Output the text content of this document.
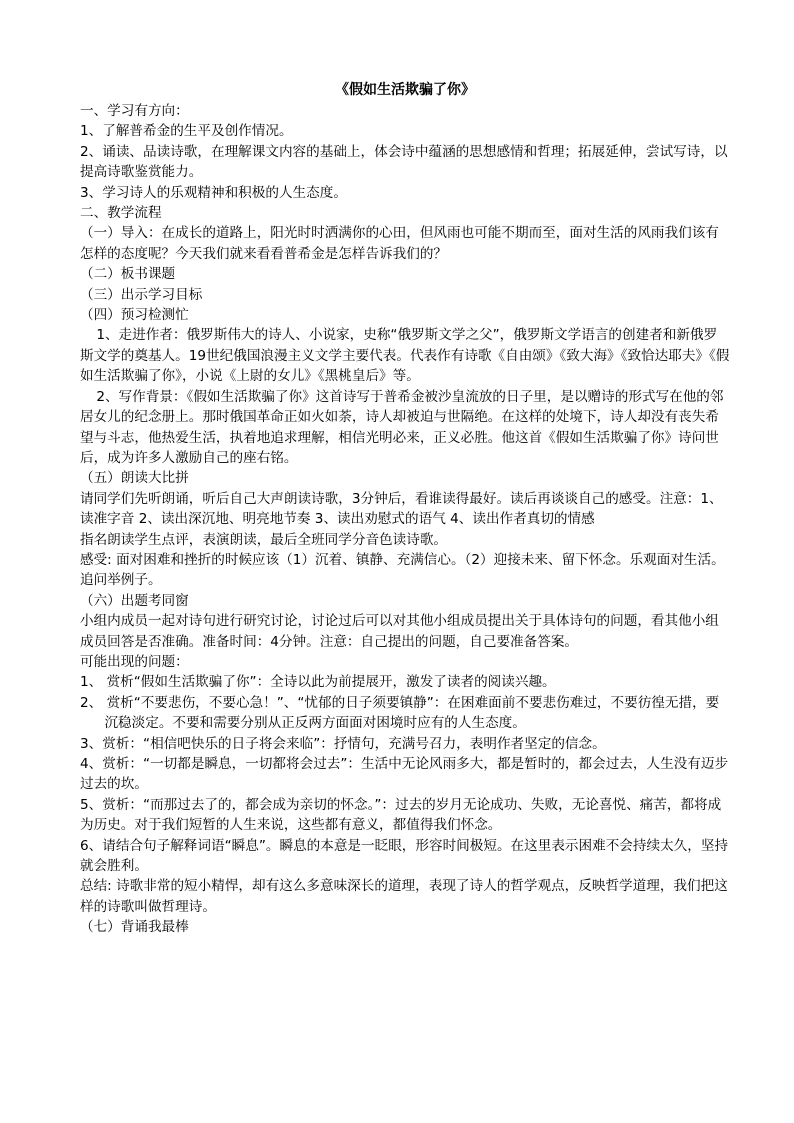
《假如生活欺骗了你》

一、学习有方向：

1、了解普希金的生平及创作情况。

2、诵读、品读诗歌，在理解课文内容的基础上，体会诗中蕴涵的思想感情和哲理；拓展延伸，尝试写诗，以提高诗歌鉴赏能力。

3、学习诗人的乐观精神和积极的人生态度。

二、教学流程

（一）导入：在成长的道路上，阳光时时洒满你的心田，但风雨也可能不期而至，面对生活的风雨我们该有怎样的态度呢？今天我们就来看看普希金是怎样告诉我们的？

（二）板书课题

（三）出示学习目标

（四）预习检测忙

1、走进作者：俄罗斯伟大的诗人、小说家，史称“俄罗斯文学之父”，俄罗斯文学语言的创建者和新俄罗斯文学的奠基人。19世纪俄国浪漫主义文学主要代表。代表作有诗歌《自由颂》《致大海》《致恰达耶夫》《假如生活欺骗了你》，小说《上尉的女儿》《黑桃皇后》等。

2、写作背景：《假如生活欺骗了你》这首诗写于普希金被沙皇流放的日子里，是以赠诗的形式写在他的邻居女儿的纪念册上。那时俄国革命正如火如荼，诗人却被迫与世隔绝。在这样的处境下，诗人却没有丧失希望与斗志，他热爱生活，执着地追求理解，相信光明必来，正义必胜。他这首《假如生活欺骗了你》诗问世后，成为许多人激励自己的座右铭。

（五）朗读大比拼

请同学们先听朗诵，听后自己大声朗读诗歌，3分钟后，看谁读得最好。读后再谈谈自己的感受。注意：1、读准字音 2、读出深沉地、明亮地节奏 3、读出劝慰式的语气 4、读出作者真切的情感

指名朗读学生点评，表演朗读，最后全班同学分音色读诗歌。

感受: 面对困难和挫折的时候应该（1）沉着、镇静、充满信心。（2）迎接未来、留下怀念。乐观面对生活。追问举例子。

（六）出题考同窗

小组内成员一起对诗句进行研究讨论，讨论过后可以对其他小组成员提出关于具体诗句的问题，看其他小组成员回答是否准确。准备时间：4分钟。注意：自己提出的问题，自己要准备答案。

可能出现的问题：

1、 赏析“假如生活欺骗了你”：全诗以此为前提展开，激发了读者的阅读兴趣。

2、 赏析“不要悲伤，不要心急！”、“忧郁的日子须要镇静”：在困难面前不要悲伤难过，不要彷徨无措，要沉稳淡定。不要和需要分别从正反两方面面对困境时应有的人生态度。

3、赏析：“相信吧快乐的日子将会来临”：抒情句，充满号召力，表明作者坚定的信念。

4、赏析：“一切都是瞬息，一切都将会过去”：生活中无论风雨多大，都是暂时的，都会过去，人生没有迈步过去的坎。

5、赏析：“而那过去了的，都会成为亲切的怀念。”：过去的岁月无论成功、失败，无论喜悦、痛苦，都将成为历史。对于我们短暂的人生来说，这些都有意义，都值得我们怀念。

6、请结合句子解释词语“瞬息”。瞬息的本意是一眨眼，形容时间极短。在这里表示困难不会持续太久，坚持就会胜利。

总结: 诗歌非常的短小精悍，却有这么多意味深长的道理，表现了诗人的哲学观点，反映哲学道理，我们把这样的诗歌叫做哲理诗。

（七）背诵我最棒
